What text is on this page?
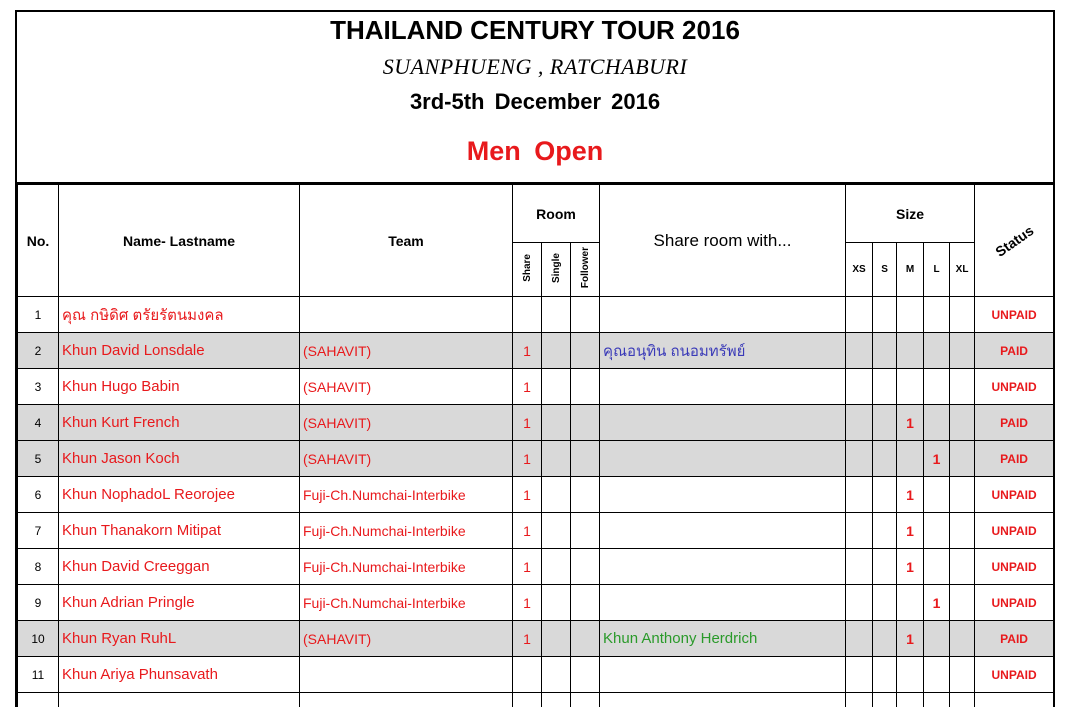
THAILAND CENTURY TOUR 2016
SUANPHUENG , RATCHABURI
3rd-5th December 2016
Men Open
No.	Name- Lastname	Team	Room			Share room with...	Size					Status
			Share	Single	Follower		XS	S	M	L	XL	
1	คุณ กษิดิศ ตรัยรัตนมงคล											UNPAID
2	Khun David Lonsdale	(SAHAVIT)	1			คุณอนุทิน ถนอมทรัพย์						PAID
3	Khun Hugo Babin	(SAHAVIT)	1									UNPAID
4	Khun Kurt French	(SAHAVIT)	1						1			PAID
5	Khun Jason Koch	(SAHAVIT)	1							1		PAID
6	Khun NophadoL Reorojee	Fuji-Ch.Numchai-Interbike	1						1			UNPAID
7	Khun Thanakorn Mitipat	Fuji-Ch.Numchai-Interbike	1						1			UNPAID
8	Khun David Creeggan	Fuji-Ch.Numchai-Interbike	1						1			UNPAID
9	Khun Adrian Pringle	Fuji-Ch.Numchai-Interbike	1							1		UNPAID
10	Khun Ryan RuhL	(SAHAVIT)	1			Khun Anthony Herdrich			1			PAID
11	Khun Ariya Phunsavath											UNPAID
